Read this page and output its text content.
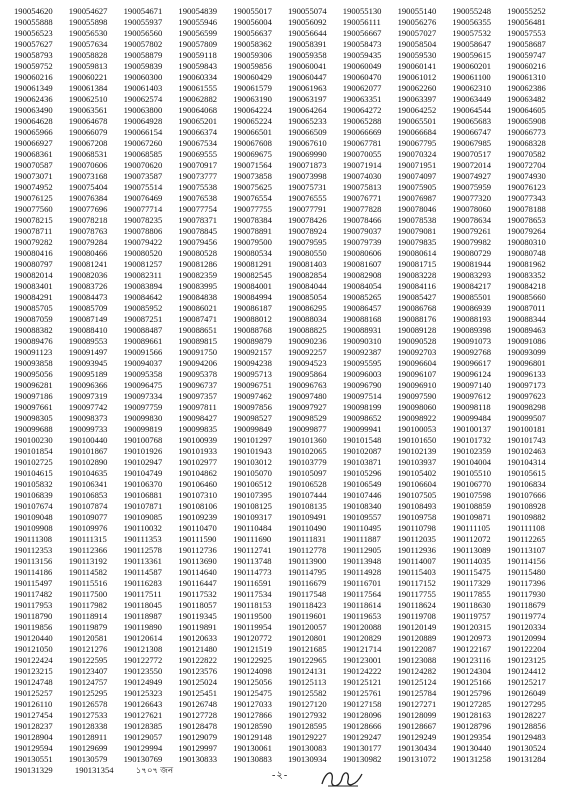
190054620	190054627	190054671	190054839	190055017	190055074	190055130	190055140	190055248	190055252
190055888	190055898	190055937	190055946	190056004	190056092	190056111	190056276	190056355	190056481
190056523	190056530	190056560	190056599	190056637	190056644	190056667	190057027	190057532	190057553
190057627	190057634	190057802	190057809	190058362	190058391	190058473	190058504	190058647	190058687
190058793	190058828	190058879	190059118	190059306	190059358	190059435	190059530	190059615	190059747
190059752	190059813	190059839	190059843	190059856	190060041	190060049	190060141	190060201	190060216
190060216	190060221	190060300	190060334	190060429	190060447	190060470	190061012	190061100	190061310
190061349	190061384	190061403	190061555	190061579	190061963	190062077	190062260	190062310	190062386
190062436	190062510	190062574	190062882	190063190	190063197	190063351	190063397	190063449	190063482
190063490	190063561	190063800	190064068	190064224	190064264	190064272	190064252	190064544	190064605
190064628	190064678	190064928	190065201	190065224	190065233	190065288	190065501	190065683	190065908
190065966	190066079	190066154	190066374	190066501	190066509	190066669	190066684	190066747	190066773
190066927	190067208	190067260	190067534	190067608	190067610	190067781	190067795	190067985	190068328
190068361	190068531	190068585	190069555	190069675	190069990	190070055	190070324	190070517	190070582
190070587	190070606	190070620	190070917	190071564	190071873	190071914	190071951	190072014	190072704
190073071	190073168	190073587	190073777	190073858	190073998	190074030	190074097	190074927	190074930
190074952	190075404	190075514	190075538	190075625	190075731	190075813	190075905	190075959	190076123
190076125	190076384	190076469	190076538	190076554	190076555	190076771	190076987	190077320	190077343
190077560	190077696	190077714	190077754	190077755	190077791	190077828	190078046	190078060	190078188
190078215	190078218	190078235	190078371	190078384	190078426	190078466	190078538	190078634	190078653
190078711	190078763	190078806	190078845	190078891	190078924	190079037	190079081	190079261	190079264
190079282	190079284	190079422	190079456	190079500	190079595	190079739	190079835	190079982	190080310
190080416	190080466	190080520	190080528	190080534	190080550	190080606	190080614	190080729	190080748
190080797	190081241	190081257	190081286	190081291	190081403	190081607	190081715	190081944	190081962
190082014	190082036	190082311	190082359	190082545	190082854	190082908	190083228	190083293	190083352
190083401	190083726	190083894	190083995	190084001	190084044	190084054	190084116	190084217	190084218
190084291	190084473	190084642	190084838	190084994	190085054	190085265	190085427	190085501	190085660
190085705	190085709	190085952	190086021	190086187	190086295	190086457	190086768	190086939	190087011
190087059	190087149	190087251	190087471	190088012	190088034	190088168	190088176	190088193	190088344
190088382	190088410	190088487	190088651	190088768	190088825	190088931	190089128	190089398	190089463
190089476	190089553	190089661	190089815	190089879	190090236	190090310	190090528	190091073	190091086
190091123	190091497	190091566	190091750	190092157	190092257	190092387	190092703	190092768	190093099
190093858	190093945	190094037	190094206	190094238	190094523	190095595	190096604	190096617	190096801
190095056	190095189	190095358	190095378	190095713	190095864	190096003	190096107	190096124	190096133
190096281	190096366	190096475	190096737	190096751	190096763	190096790	190096910	190097140	190097173
190097186	190097319	190097334	190097357	190097462	190097480	190097514	190097590	190097612	190097623
190097661	190097742	190097759	190097811	190097856	190097927	190098199	190098060	190098118	190098298
190098305	190098373	190099830	190098427	190098527	190098529	190098652	190098922	190099484	190099507
190099688	190099733	190099819	190099835	190099849	190099877	190099941	190100053	190100137	190100181
190100230	190100440	190100768	190100939	190101297	190101360	190101548	190101650	190101732	190101743
190101854	190101867	190101926	190101933	190101943	190102065	190102087	190102139	190102359	190102463
190102725	190102890	190102947	190102977	190103012	190103779	190103871	190103937	190104004	190104314
190104615	190104635	190104749	190104862	190105070	190105097	190105296	190105402	190105510	190105615
190105832	190106341	190106370	190106460	190106512	190106528	190106549	190106604	190106770	190106834
190106839	190106853	190106881	190107310	190107395	190107444	190107446	190107505	190107598	190107666
190107674	190107874	190107871	190108106	190108125	190108135	190108340	190108493	190108859	190108928
190109048	190109077	190109085	190109239	190109317	190109491	190109557	190109758	190109871	190109882
190109908	190109976	190110032	190110470	190110484	190110490	190110495	190110798	190111105	190111108
190111308	190111315	190111353	190111590	190111690	190111831	190111887	190112035	190112072	190112265
190112353	190112366	190112578	190112736	190112741	190112778	190112905	190112936	190113089	190113107
190113156	190113192	190113361	190113690	190113748	190113900	190113948	190114007	190114035	190114156
190114186	190114582	190114587	190114640	190114773	190114795	190114928	190115403	190115475	190115480
190115497	190115516	190116283	190116447	190116591	190116679	190116701	190117152	190117329	190117396
190117482	190117500	190117511	190117532	190117534	190117548	190117564	190117755	190117855	190117930
190117953	190117982	190118045	190118057	190118153	190118423	190118614	190118624	190118630	190118679
190118790	190118914	190118987	190119345	190119500	190119601	190119653	190119708	190119757	190119774
190119856	190119879	190119890	190119891	190119954	190120057	190120088	190120149	190120315	190120334
190120440	190120581	190120614	190120633	190120772	190120801	190120829	190120889	190120973	190120994
190121050	190121276	190121308	190121480	190121519	190121685	190121714	190122087	190122167	190122204
190122424	190122595	190122772	190122822	190122925	190122965	190123001	190123088	190123116	190123125
190123215	190123407	190123550	190123576	190124098	190124131	190124222	190124282	190124304	190124412
190124748	190124757	190124949	190125024	190125056	190125113	190125121	190125124	190125166	190125217
190125257	190125295	190125323	190125451	190125475	190125582	190125761	190125784	190125796	190126049
190126110	190126578	190126643	190126748	190127033	190127120	190127158	190127271	190127285	190127295
190127454	190127533	190127621	190127728	190127866	190127932	190128096	190128099	190128163	190128227
190128237	190128338	190128385	190128478	190128590	190128595	190128666	190128667	190128796	190128856
190128904	190128911	190129057	190129079	190129148	190129227	190129247	190129249	190129354	190129483
190129594	190129699	190129994	190129997	190130061	190130083	190130177	190130434	190130440	190130524
190130551	190130579	190130769	190130833	190130883	190130934	190130982	190131072	190131258	190131284
190131329	190131354	১৭০৭ জন	-২-
